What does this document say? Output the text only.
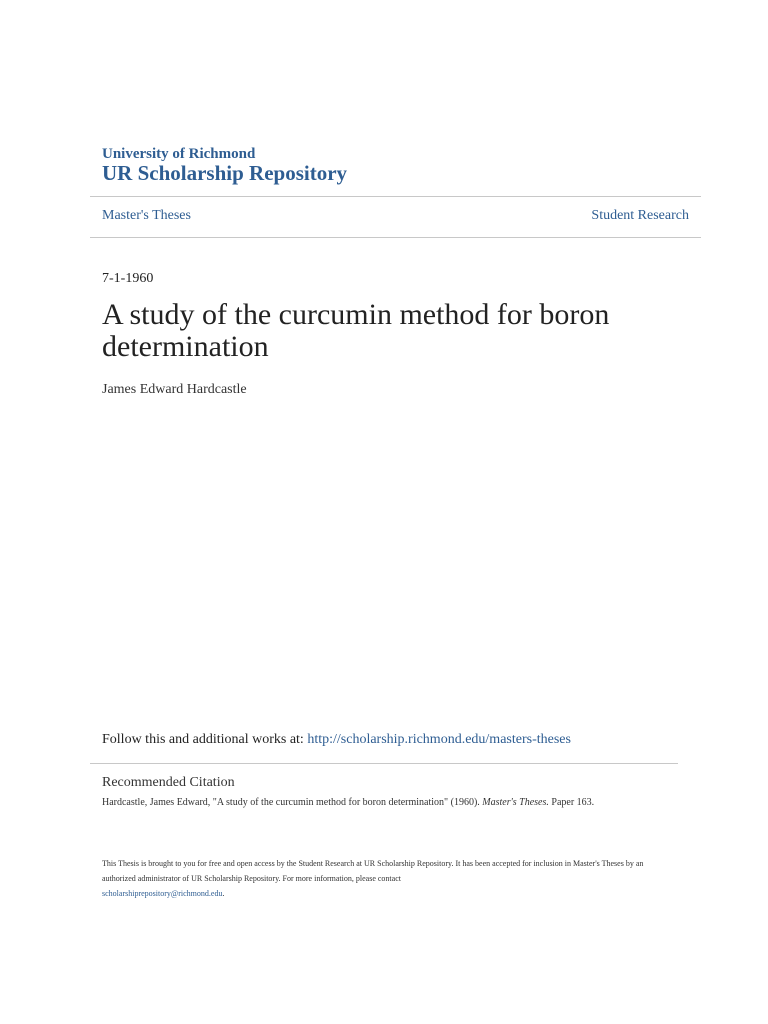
University of Richmond
UR Scholarship Repository
Master's Theses	Student Research
7-1-1960
A study of the curcumin method for boron determination
James Edward Hardcastle
Follow this and additional works at: http://scholarship.richmond.edu/masters-theses
Recommended Citation
Hardcastle, James Edward, "A study of the curcumin method for boron determination" (1960). Master's Theses. Paper 163.
This Thesis is brought to you for free and open access by the Student Research at UR Scholarship Repository. It has been accepted for inclusion in Master's Theses by an authorized administrator of UR Scholarship Repository. For more information, please contact
scholarshiprepository@richmond.edu.
